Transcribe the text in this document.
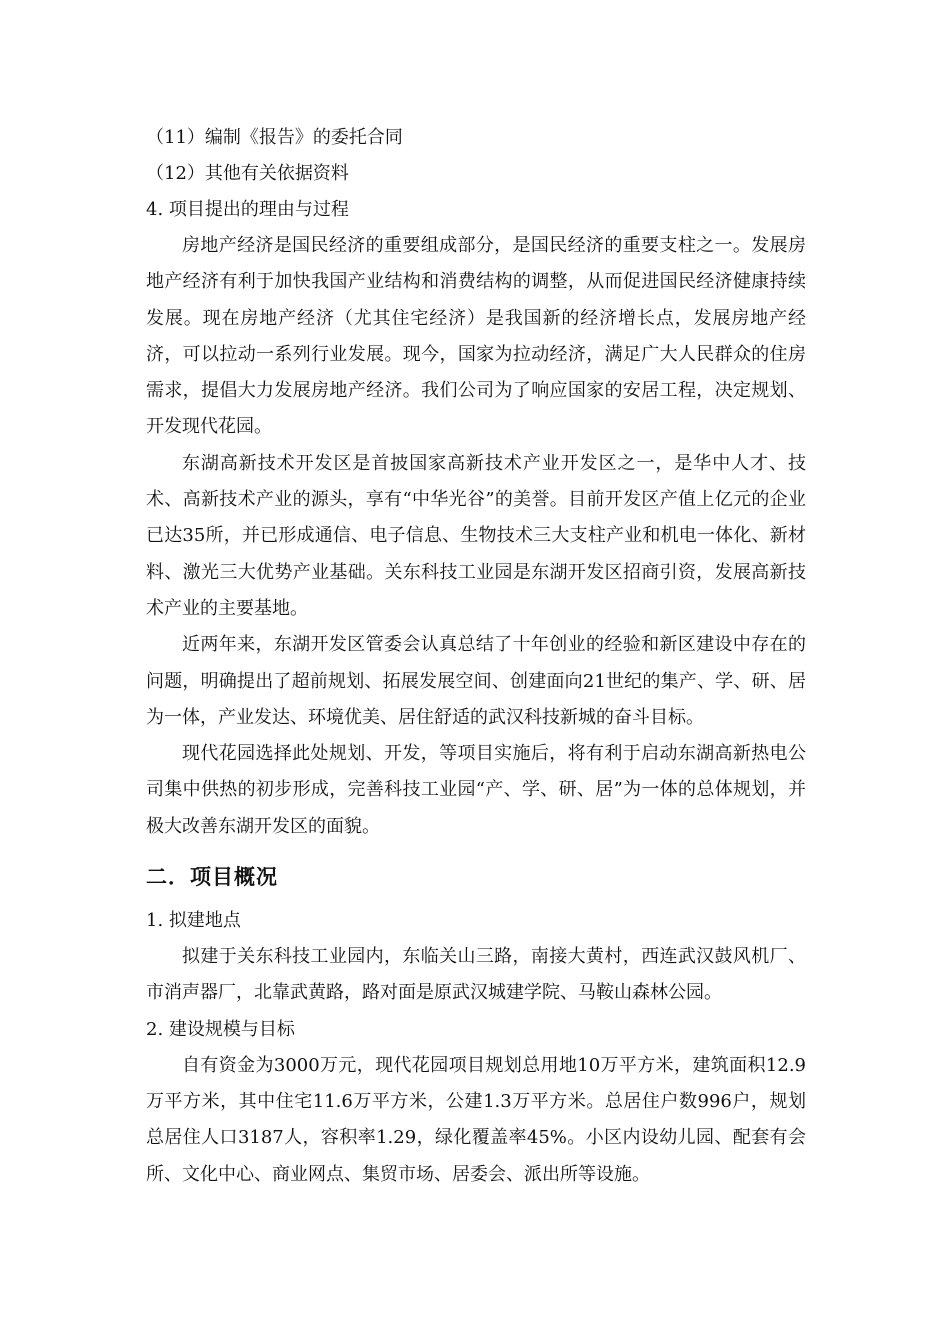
（11）编制《报告》的委托合同
（12）其他有关依据资料
4. 项目提出的理由与过程

房地产经济是国民经济的重要组成部分，是国民经济的重要支柱之一。发展房地产经济有利于加快我国产业结构和消费结构的调整，从而促进国民经济健康持续发展。现在房地产经济（尤其住宅经济）是我国新的经济增长点，发展房地产经济，可以拉动一系列行业发展。现今，国家为拉动经济，满足广大人民群众的住房需求，提倡大力发展房地产经济。我们公司为了响应国家的安居工程，决定规划、开发现代花园。

东湖高新技术开发区是首披国家高新技术产业开发区之一，是华中人才、技术、高新技术产业的源头，享有“中华光谷”的美誉。目前开发区产值上亿元的企业已达35所，并已形成通信、电子信息、生物技术三大支柱产业和机电一体化、新材料、激光三大优势产业基础。关东科技工业园是东湖开发区招商引资，发展高新技术产业的主要基地。

近两年来，东湖开发区管委会认真总结了十年创业的经验和新区建设中存在的问题，明确提出了超前规划、拓展发展空间、创建面向21世纪的集产、学、研、居为一体，产业发达、环境优美、居住舒适的武汉科技新城的奋斗目标。

现代花园选择此处规划、开发，等项目实施后，将有利于启动东湖高新热电公司集中供热的初步形成，完善科技工业园“产、学、研、居”为一体的总体规划，并极大改善东湖开发区的面貌。

二．项目概况
1. 拟建地点

拟建于关东科技工业园内，东临关山三路，南接大黄村，西连武汉鼓风机厂、市消声器厂，北靠武黄路，路对面是原武汉城建学院、马鞍山森林公园。

2. 建设规模与目标

自有资金为3000万元，现代花园项目规划总用地10万平方米，建筑面积12.9万平方米，其中住宅11.6万平方米，公建1.3万平方米。总居住户数996户，规划总居住人口3187人，容积率1.29，绿化覆盖率45%。小区内设幼儿园、配套有会所、文化中心、商业网点、集贸市场、居委会、派出所等设施。
